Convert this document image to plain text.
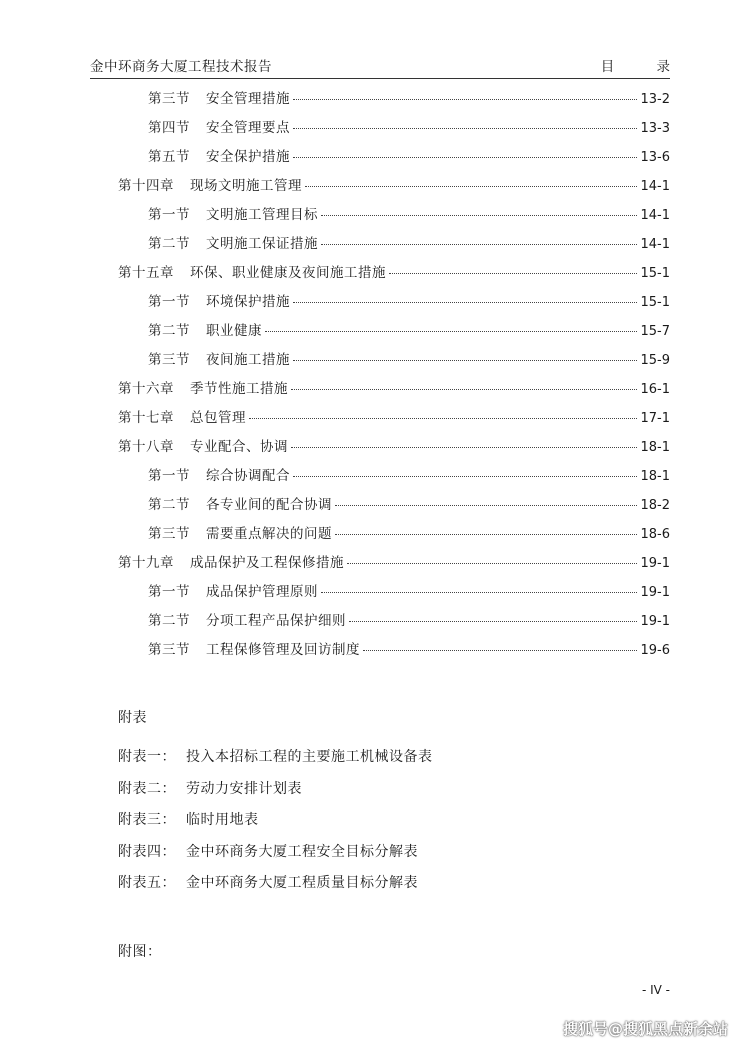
金中环商务大厦工程技术报告	目 录
第三节 安全管理措施	13-2
第四节 安全管理要点	13-3
第五节 安全保护措施	13-6
第十四章 现场文明施工管理	14-1
第一节 文明施工管理目标	14-1
第二节 文明施工保证措施	14-1
第十五章 环保、职业健康及夜间施工措施	15-1
第一节 环境保护措施	15-1
第二节 职业健康	15-7
第三节 夜间施工措施	15-9
第十六章 季节性施工措施	16-1
第十七章 总包管理	17-1
第十八章 专业配合、协调	18-1
第一节 综合协调配合	18-1
第二节 各专业间的配合协调	18-2
第三节 需要重点解决的问题	18-6
第十九章 成品保护及工程保修措施	19-1
第一节 成品保护管理原则	19-1
第二节 分项工程产品保护细则	19-1
第三节 工程保修管理及回访制度	19-6
附表
附表一： 投入本招标工程的主要施工机械设备表
附表二： 劳动力安排计划表
附表三： 临时用地表
附表四： 金中环商务大厦工程安全目标分解表
附表五： 金中环商务大厦工程质量目标分解表
附图：
- IV -
搜狐号@搜狐黑点新余站
